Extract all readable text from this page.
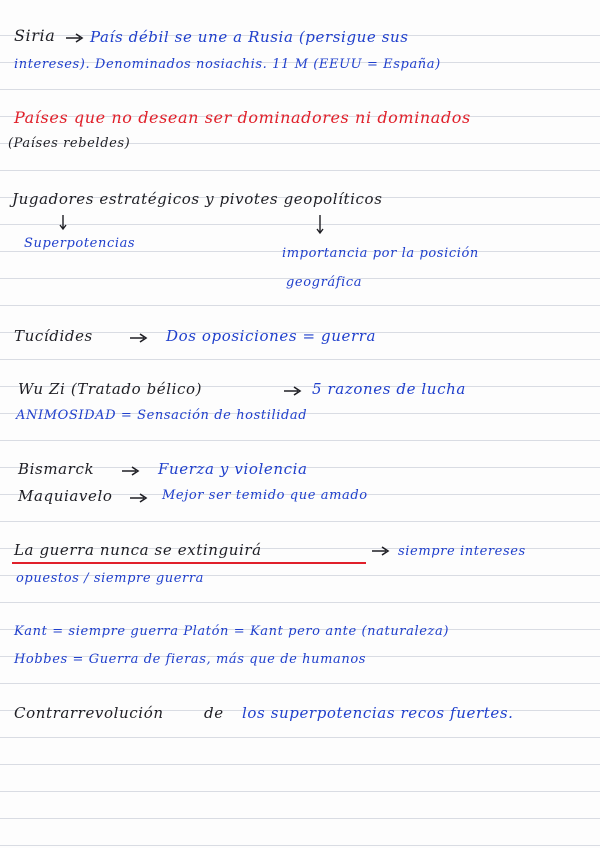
Siria País débil se une a Rusia (persigue sus
intereses). Denominados nosiachis. 11 M (EEUU = España)
Países que no desean ser dominadores ni dominados
(Países rebeldes)
Jugadores estratégicos y pivotes geopolíticos
Superpotencias
importancia por la posición
geográfica
Tucídides	Dos oposiciones = guerra
Wu Zi (Tratado bélico)	5 razones de lucha
ANIMOSIDAD = Sensación de hostilidad
Bismarck	Fuerza y violencia
Maquiavelo	Mejor ser temido que amado
La guerra nunca se extinguirá	siempre intereses
opuestos / siempre guerra
Kant = siempre guerra Platón = Kant pero ante (naturaleza)
Hobbes = Guerra de fieras, más que de humanos
Contrarrevolución	de los superpotencias recos fuertes.
